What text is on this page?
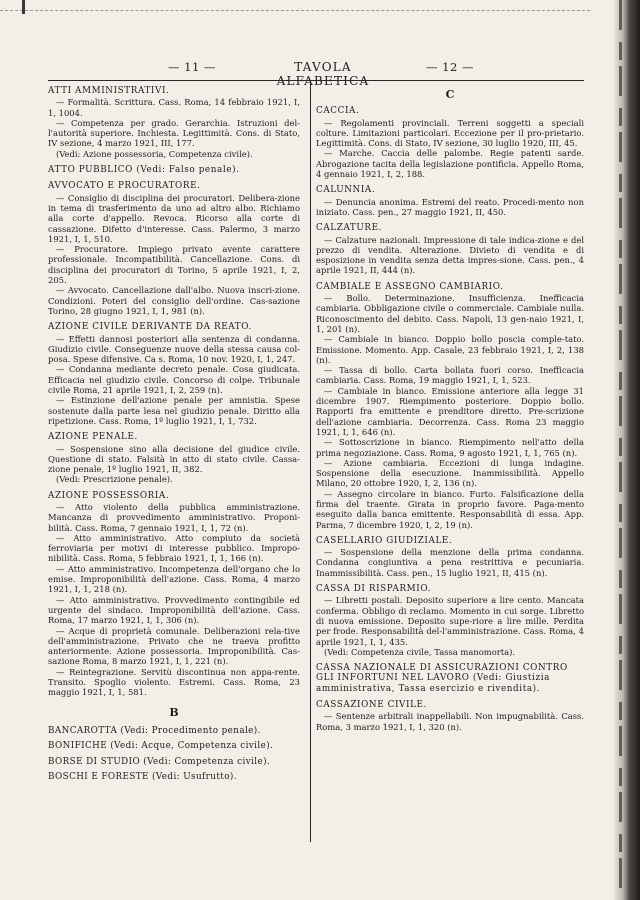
— 11 —	TAVOLA ALFABETICA
— 12 —
ATTI AMMINISTRATIVI.

— Formalità. Scrittura. Cass. Roma, 14 febbraio 1921, I, 1, 1004.

— Competenza per grado. Gerarchia. Istruzioni del-l'autorità superiore. Inchiesta. Legittimità. Cons. di Stato, IV sezione, 4 marzo 1921, III, 177.

(Vedi: Azione possessoria, Competenza civile).

ATTO PUBBLICO (Vedi: Falso penale).
AVVOCATO E PROCURATORE.

— Consiglio di disciplina dei procuratori. Delibera-zione in tema di trasferimento da uno ad altro albo. Richiamo alla corte d'appello. Revoca. Ricorso alla corte di cassazione. Difetto d'interesse. Cass. Palermo, 3 marzo 1921, I, 1, 510.

— Procuratore. Impiego privato avente carattere professionale. Incompatibilità. Cancellazione. Cons. di disciplina dei procuratori di Torino, 5 aprile 1921, I, 2, 205.

— Avvocato. Cancellazione dall'albo. Nuova inscri-zione. Condizioni. Poteri del consiglio dell'ordine. Cas-sazione Torino, 28 giugno 1921, I, 1, 981 (n).

AZIONE CIVILE DERIVANTE DA REATO.

— Effetti dannosi posteriori alla sentenza di condanna. Giudizio civile. Conseguenze nuove della stessa causa col-posa. Spese difensive. Ca s. Roma, 10 nov. 1920, I, 1, 247.

— Condanna mediante decreto penale. Cosa giudicata. Efficacia nel giudizio civile. Concorso di colpe. Tribunale civile Roma, 21 aprile 1921, I, 2, 259 (n).

— Estinzione dell'azione penale per amnistia. Spese sostenute dalla parte lesa nel giudizio penale. Diritto alla ripetizione. Cass. Roma, 1º luglio 1921, I, 1, 732.

AZIONE PENALE.

— Sospensione sino alla decisione del giudice civile. Questione di stato. Falsità in atto di stato civile. Cassa-zione penale, 1º luglio 1921, II, 382.

(Vedi: Prescrizione penale).

AZIONE POSSESSORIA.

— Atto violento della pubblica amministrazione. Mancanza di provvedimento amministrativo. Proponi-bilità. Cass. Roma, 7 gennaio 1921, I, 1, 72 (n).

— Atto amministrativo. Atto compiuto da società ferroviaria per motivi di interesse pubblico. Impropo-nibilità. Cass. Roma, 5 febbraio 1921, I, 1, 166 (n).

— Atto amministrativo. Incompetenza dell'organo che lo emise. Improponibilità dell'azione. Cass. Roma, 4 marzo 1921, I, 1, 218 (n).

— Atto amministrativo. Provvedimento contingibile ed urgente del sindaco. Improponibilità dell'azione. Cass. Roma, 17 marzo 1921, I, 1, 306 (n).

— Acque di proprietà comunale. Deliberazioni rela-tive dell'amministrazione. Privato che ne traeva profitto anteriormente. Azione possessoria. Improponibilità. Cas-sazione Roma, 8 marzo 1921, I, 1, 221 (n).

— Reintegrazione. Servitù discontinua non appa-rente. Transito. Spoglio violento. Estremi. Cass. Roma, 23 maggio 1921, I, 1, 581.

B
BANCAROTTA (Vedi: Procedimento penale).
BONIFICHE (Vedi: Acque, Competenza civile).
BORSE DI STUDIO (Vedi: Competenza civile).
BOSCHI E FORESTE (Vedi: Usufrutto).
C
CACCIA.

— Regolamenti provinciali. Terreni soggetti a speciali colture. Limitazioni particolari. Eccezione per il pro-prietario. Legittimità. Cons. di Stato, IV sezione, 30 luglio 1920, III, 45.

— Marche. Caccia delle palombe. Regie patenti sarde. Abrogazione tacita della legislazione pontificia. Appello Roma, 4 gennaio 1921, I, 2, 188.

CALUNNIA.

— Denuncia anonima. Estremi del reato. Procedi-mento non iniziato. Cass. pen., 27 maggio 1921, II, 450.

CALZATURE.

— Calzature nazionali. Impressione di tale indica-zione e del prezzo di vendita. Alterazione. Divieto di vendita e di esposizione in vendita senza detta impres-sione. Cass. pen., 4 aprile 1921, II, 444 (n).

CAMBIALE E ASSEGNO CAMBIARIO.

— Bollo. Determinazione. Insufficienza. Inefficacia cambiaria. Obbligazione civile o commerciale. Cambiale nulla. Riconoscimento del debito. Cass. Napoli, 13 gen-naio 1921, I, 1, 201 (n).

— Cambiale in bianco. Doppio bollo poscia comple-tato. Emissione. Momento. App. Casale, 23 febbraio 1921, I, 2, 138 (n).

— Tassa di bollo. Carta bollata fuori corso. Inefficacia cambiaria. Cass. Roma, 19 maggio 1921, I, 1, 523.

— Cambiale in bianco. Emissione anteriore alla legge 31 dicembre 1907. Riempimento posteriore. Doppio bollo. Rapporti fra emittente e prenditore diretto. Pre-scrizione dell'azione cambiaria. Decorrenza. Cass. Roma 23 maggio 1921, I, 1, 646 (n).

— Sottoscrizione in bianco. Riempimento nell'atto della prima negoziazione. Cass. Roma, 9 agosto 1921, I, 1, 765 (n).

— Azione cambiaria. Eccezioni di lunga indagine. Sospensione della esecuzione. Inammissibilità. Appello Milano, 20 ottobre 1920, I, 2, 136 (n).

— Assegno circolare in bianco. Furto. Falsificazione della firma del traente. Girata in proprio favore. Paga-mento eseguito dalla banca emittente. Responsabilità di essa. App. Parma, 7 dicembre 1920, I, 2, 19 (n).

CASELLARIO GIUDIZIALE.

— Sospensione della menzione della prima condanna. Condanna congiuntiva a pena restrittiva e pecuniaria. Inammissibilità. Cass. pen., 15 luglio 1921, II, 415 (n).

CASSA DI RISPARMIO.

— Libretti postali. Deposito superiore a lire cento. Mancata conferma. Obbligo di reclamo. Momento in cui sorge. Libretto di nuova emissione. Deposito supe-riore a lire mille. Perdita per frode. Responsabilità del-l'amministrazione. Cass. Roma, 4 aprile 1921, I, 1, 435.

(Vedi: Competenza civile, Tassa manomorta).

CASSA NAZIONALE DI ASSICURAZIONI CONTRO GLI INFORTUNI NEL LAVORO (Vedi: Giustizia amministrativa, Tassa esercizio e rivendita).
CASSAZIONE CIVILE.

— Sentenze arbitrali inappellabili. Non impugnabilità. Cass. Roma, 3 marzo 1921, I, 1, 320 (n).
